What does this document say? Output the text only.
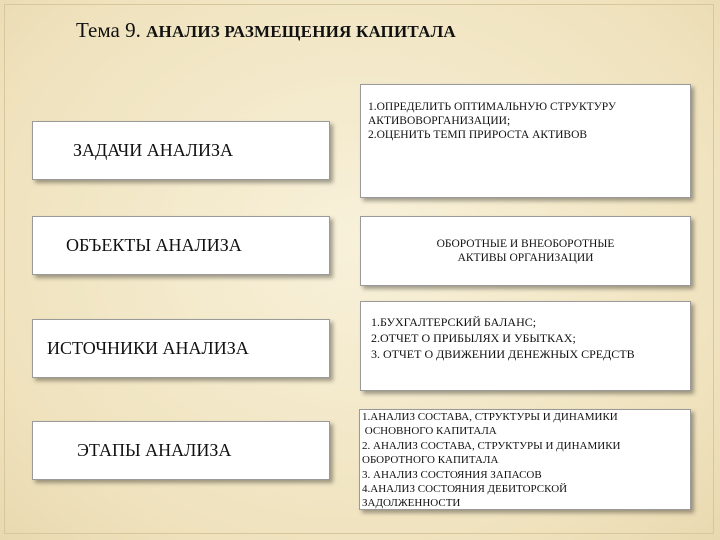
Тема 9. АНАЛИЗ РАЗМЕЩЕНИЯ КАПИТАЛА
ЗАДАЧИ АНАЛИЗА
1.ОПРЕДЕЛИТЬ ОПТИМАЛЬНУЮ СТРУКТУРУ
АКТИВОВОРГАНИЗАЦИИ;
2.ОЦЕНИТЬ ТЕМП ПРИРОСТА АКТИВОВ
ОБЪЕКТЫ АНАЛИЗА	ОБОРОТНЫЕ И ВНЕОБОРОТНЫЕ
АКТИВЫ ОРГАНИЗАЦИИ
ИСТОЧНИКИ АНАЛИЗА
1.БУХГАЛТЕРСКИЙ БАЛАНС;
2.ОТЧЕТ О ПРИБЫЛЯХ И УБЫТКАХ;
3. ОТЧЕТ О ДВИЖЕНИИ ДЕНЕЖНЫХ СРЕДСТВ
ЭТАПЫ АНАЛИЗА
1.АНАЛИЗ СОСТАВА, СТРУКТУРЫ И ДИНАМИКИ
ОСНОВНОГО КАПИТАЛА
2. АНАЛИЗ СОСТАВА, СТРУКТУРЫ И ДИНАМИКИ
ОБОРОТНОГО КАПИТАЛА
3. АНАЛИЗ СОСТОЯНИЯ ЗАПАСОВ
4.АНАЛИЗ СОСТОЯНИЯ ДЕБИТОРСКОЙ
ЗАДОЛЖЕННОСТИ
